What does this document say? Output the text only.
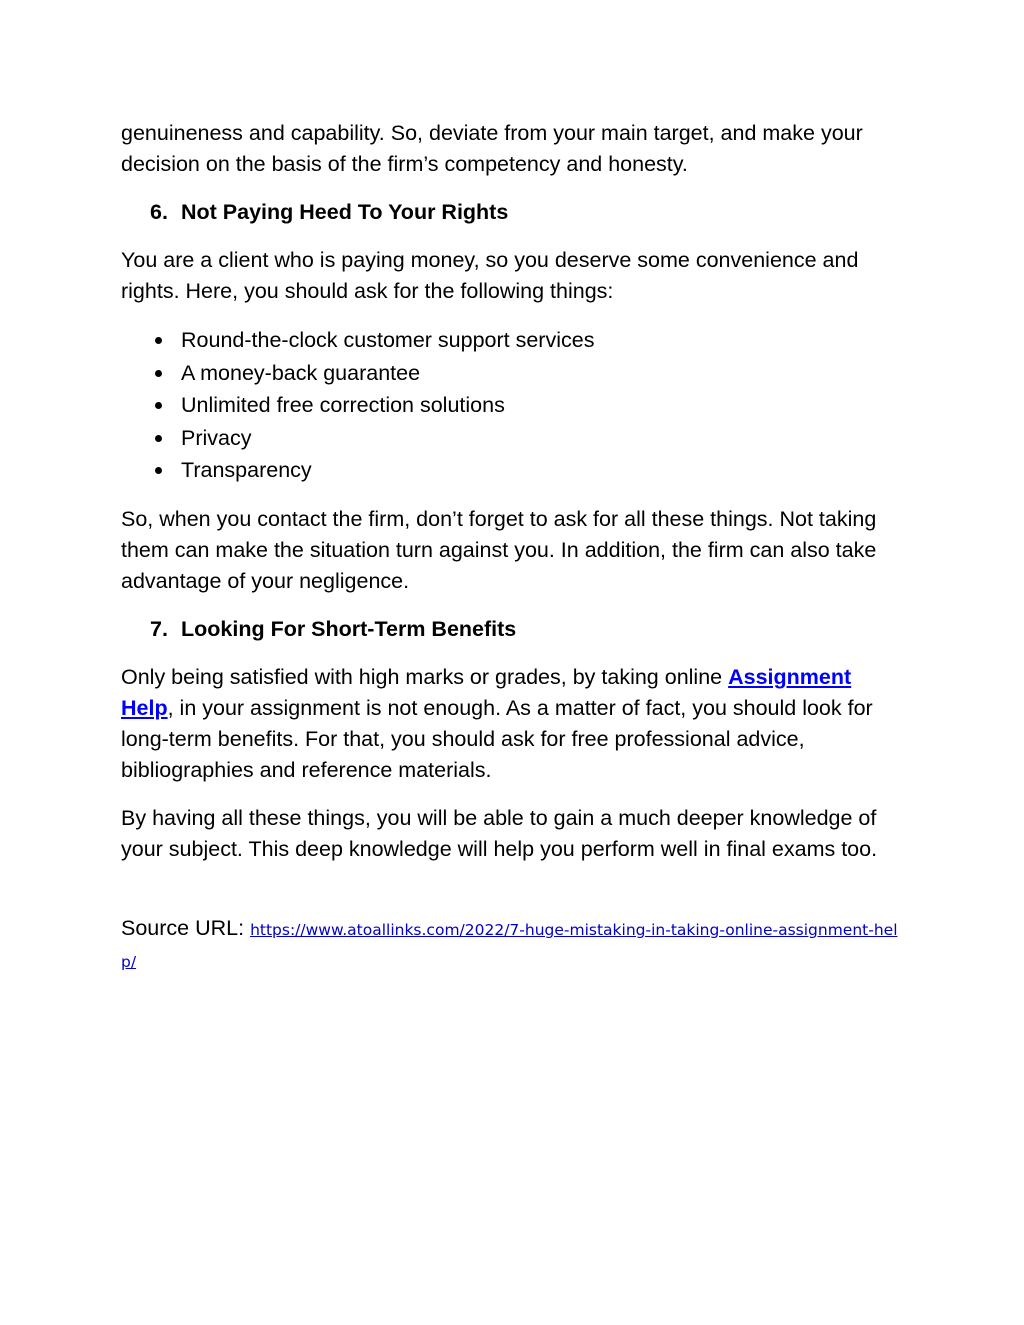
genuineness and capability. So, deviate from your main target, and make your decision on the basis of the firm’s competency and honesty.

6. Not Paying Heed To Your Rights

You are a client who is paying money, so you deserve some convenience and rights. Here, you should ask for the following things:

Round-the-clock customer support services
A money-back guarantee
Unlimited free correction solutions
Privacy
Transparency

So, when you contact the firm, don’t forget to ask for all these things. Not taking them can make the situation turn against you. In addition, the firm can also take advantage of your negligence.

7. Looking For Short-Term Benefits

Only being satisfied with high marks or grades, by taking online Assignment Help, in your assignment is not enough. As a matter of fact, you should look for long-term benefits. For that, you should ask for free professional advice, bibliographies and reference materials.

By having all these things, you will be able to gain a much deeper knowledge of your subject. This deep knowledge will help you perform well in final exams too.

Source URL: https://www.atoallinks.com/2022/7-huge-mistaking-in-taking-online-assignment-help/
